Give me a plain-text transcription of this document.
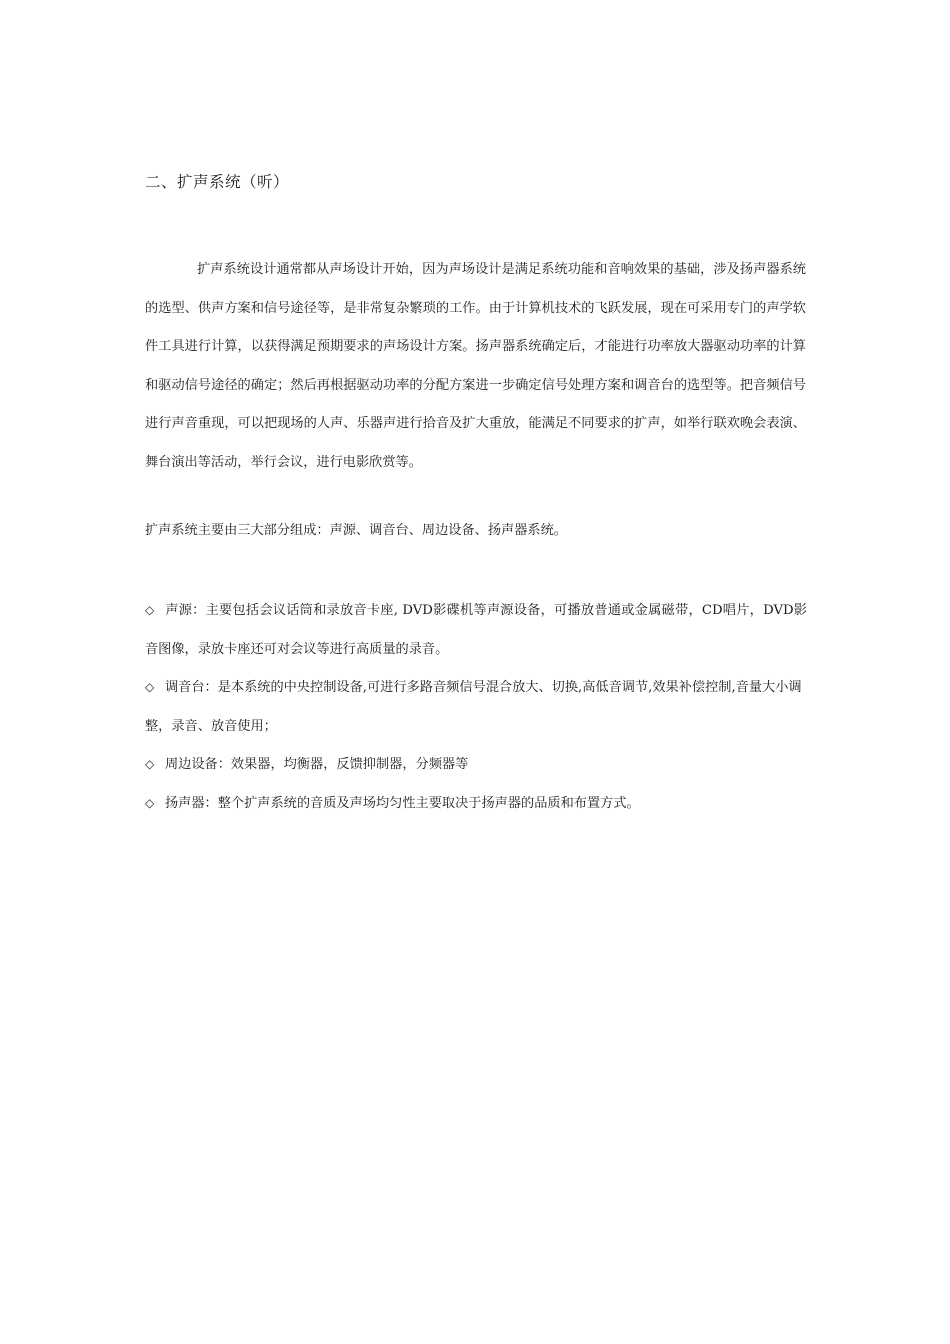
二、扩声系统（听）

扩声系统设计通常都从声场设计开始，因为声场设计是满足系统功能和音响效果的基础，涉及扬声器系统的选型、供声方案和信号途径等，是非常复杂繁琐的工作。由于计算机技术的飞跃发展，现在可采用专门的声学软件工具进行计算，以获得满足预期要求的声场设计方案。扬声器系统确定后，才能进行功率放大器驱动功率的计算和驱动信号途径的确定；然后再根据驱动功率的分配方案进一步确定信号处理方案和调音台的选型等。把音频信号进行声音重现，可以把现场的人声、乐器声进行拾音及扩大重放，能满足不同要求的扩声，如举行联欢晚会表演、舞台演出等活动，举行会议，进行电影欣赏等。

扩声系统主要由三大部分组成：声源、调音台、周边设备、扬声器系统。

◇ 声源：主要包括会议话筒和录放音卡座, DVD影碟机等声源设备，可播放普通或金属磁带，CD唱片，DVD影音图像，录放卡座还可对会议等进行高质量的录音。

◇ 调音台：是本系统的中央控制设备,可进行多路音频信号混合放大、切换,高低音调节,效果补偿控制,音量大小调整，录音、放音使用；

◇ 周边设备：效果器，均衡器，反馈抑制器，分频器等

◇ 扬声器：整个扩声系统的音质及声场均匀性主要取决于扬声器的品质和布置方式。
